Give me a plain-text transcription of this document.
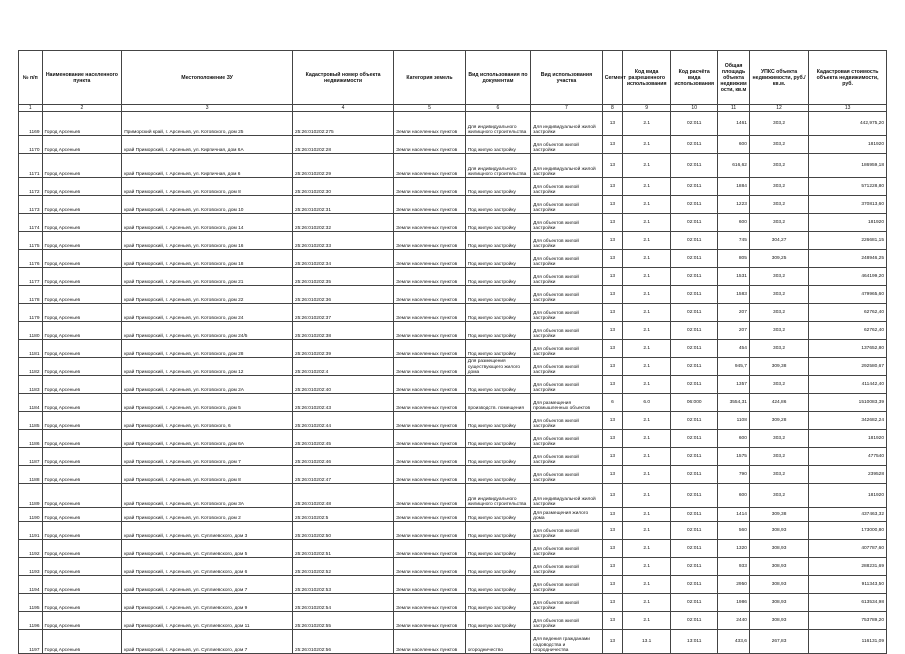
№ п/п	Наименование населенного пункта	Местоположение ЗУ	Кадастровый номер объекта недвижимости	Категория земель	Вид использования по документам	Вид использования участка	Сегмент	Код вида разрешенного использования	Код расчёта вида использования	Общая площадь объекта недвижим ости, кв.м	УПКС объекта недвижимости, руб./кв.м.	Кадастровая стоимость объекта недвижимости, руб.
1	2	3	4	5	6	7	8	9	10	11	12	13
1169	Город Арсеньев	Приморский край, г. Арсеньев, ул. Котовского, дом 25	25:26:010202:275	Земли населенных пунктов	Для индивидуального жилищного строительства	Для индивидуальной жилой застройки	13	2.1	02:011	1461	303,2	442,975,20
1170	Город Арсеньев	край Приморский, г. Арсеньев, ул. Кирпичная, дом 6А	25:26:010202:28	Земли населенных пунктов	Под жилую застройку	Для объектов жилой застройки	13	2.1	02:011	600	303,2	181920
1171	Город Арсеньев	край Приморский, г. Арсеньев, ул. Кирпичная, дом 6	25:26:010202:29	Земли населенных пунктов	Для индивидуального жилищного строительства	Для индивидуальной жилой застройки	13	2.1	02:011	616,62	303,2	186959,18
1172	Город Арсеньев	край Приморский, г. Арсеньев, ул. Котовского, дом 8	25:26:010202:30	Земли населенных пунктов	Под жилую застройку	Для объектов жилой застройки	13	2.1	02:011	1884	303,2	571228,80
1173	Город Арсеньев	край Приморский, г. Арсеньев, ул. Котовского, дом 10	25:26:010202:31	Земли населенных пунктов	Под жилую застройку	Для объектов жилой застройки	13	2.1	02:011	1223	303,2	370813,60
1174	Город Арсеньев	край Приморский, г. Арсеньев, ул. Котовского, дом 14	25:26:010202:32	Земли населенных пунктов	Под жилую застройку	Для объектов жилой застройки	13	2.1	02:011	600	303,2	181920
1175	Город Арсеньев	край Приморский, г. Арсеньев, ул. Котовского, дом 16	25:26:010202:33	Земли населенных пунктов	Под жилую застройку	Для объектов жилой застройки	13	2.1	02:011	745	304,27	226681,15
1176	Город Арсеньев	край Приморский, г. Арсеньев, ул. Котовского, дом 18	25:26:010202:34	Земли населенных пунктов	Под жилую застройку	Для объектов жилой застройки	13	2.1	02:011	805	309,25	248946,25
1177	Город Арсеньев	край Приморский, г. Арсеньев, ул. Котовского, дом 21	25:26:010202:35	Земли населенных пунктов	Под жилую застройку	Для объектов жилой застройки	13	2.1	02:011	1531	303,2	464199,20
1178	Город Арсеньев	край Приморский, г. Арсеньев, ул. Котовского, дом 22	25:26:010202:36	Земли населенных пунктов	Под жилую застройку	Для объектов жилой застройки	13	2.1	02:011	1583	303,2	479965,60
1179	Город Арсеньев	край Приморский, г. Арсеньев, ул. Котовского, дом 24	25:26:010202:37	Земли населенных пунктов	Под жилую застройку	Для объектов жилой застройки	13	2.1	02:011	207	303,2	62762,40
1180	Город Арсеньев	край Приморский, г. Арсеньев, ул. Котовского, дом 24/5	25:26:010202:38	Земли населенных пунктов	Под жилую застройку	Для объектов жилой застройки	13	2.1	02:011	207	303,2	62762,40
1181	Город Арсеньев	край Приморский, г. Арсеньев, ул. Котовского, дом 28	25:26:010202:39	Земли населенных пунктов	Под жилую застройку	Для объектов жилой застройки	13	2.1	02:011	454	303,2	137652,80
1182	Город Арсеньев	край Приморский, г. Арсеньев, ул. Котовского, дом 12	25:26:010202:4	Земли населенных пунктов	Для размещения существующего жилого дома	Для объектов жилой застройки	13	2.1	02:011	945,7	309,38	292580,67
1183	Город Арсеньев	край Приморский, г. Арсеньев, ул. Котовского, дом 2А	25:26:010202:40	Земли населенных пунктов	Под жилую застройку	Для объектов жилой застройки	13	2.1	02:011	1357	303,2	411442,40
1184	Город Арсеньев	край Приморский, г. Арсеньев, ул. Котовского, дом 5	25:26:010202:43	Земли населенных пунктов	производств. помещения	Для размещения промышленных объектов	6	6.0	06:000	3554,31	424,86	1510083,39
1185	Город Арсеньев	край Приморский, г. Арсеньев, ул. Котовского, 6	25:26:010202:44	Земли населенных пунктов	Под жилую застройку	Для объектов жилой застройки	13	2.1	02:011	1108	309,28	342682,24
1186	Город Арсеньев	край Приморский, г. Арсеньев, ул. Котовского, дом 6А	25:26:010202:45	Земли населенных пунктов	Под жилую застройку	Для объектов жилой застройки	13	2.1	02:011	600	303,2	181920
1187	Город Арсеньев	край Приморский, г. Арсеньев, ул. Котовского, дом 7	25:26:010202:46	Земли населенных пунктов	Под жилую застройку	Для объектов жилой застройки	13	2.1	02:011	1575	303,2	477540
1188	Город Арсеньев	край Приморский, г. Арсеньев, ул. Котовского, дом 8	25:26:010202:47	Земли населенных пунктов	Под жилую застройку	Для объектов жилой застройки	13	2.1	02:011	790	303,2	239528
1189	Город Арсеньев	край Приморский, г. Арсеньев, ул. Котовского, дом 3А	25:26:010202:48	Земли населенных пунктов	Для индивидуального жилищного строительства	Для индивидуальной жилой застройки	13	2.1	02:011	600	303,2	181920
1190	Город Арсеньев	край Приморский, г. Арсеньев, ул. Котовского, дом 2	25:26:010202:5	Земли населенных пунктов	Под жилую застройку	Для размещения жилого дома	13	2.1	02:011	1414	309,38	437463,32
1191	Город Арсеньев	край Приморский, г. Арсеньев, ул. Суплиевского, дом 3	25:26:010202:50	Земли населенных пунктов	Под жилую застройку	Для объектов жилой застройки	13	2.1	02:011	560	308,93	173000,80
1192	Город Арсеньев	край Приморский, г. Арсеньев, ул. Суплиевского, дом 5	25:26:010202:51	Земли населенных пунктов	Под жилую застройку	Для объектов жилой застройки	13	2.1	02:011	1320	308,93	407787,60
1193	Город Арсеньев	край Приморский, г. Арсеньев, ул. Суплиевского, дом 6	25:26:010202:52	Земли населенных пунктов	Под жилую застройку	Для объектов жилой застройки	13	2.1	02:011	933	308,93	288231,69
1194	Город Арсеньев	край Приморский, г. Арсеньев, ул. Суплиевского, дом 7	25:26:010202:53	Земли населенных пунктов	Под жилую застройку	Для объектов жилой застройки	13	2.1	02:011	2950	308,93	911343,50
1195	Город Арсеньев	край Приморский, г. Арсеньев, ул. Суплиевского, дом 9	25:26:010202:54	Земли населенных пунктов	Под жилую застройку	Для объектов жилой застройки	13	2.1	02:011	1986	308,93	613534,98
1196	Город Арсеньев	край Приморский, г. Арсеньев, ул. Суплиевского, дом 11	25:26:010202:55	Земли населенных пунктов	Под жилую застройку	Для объектов жилой застройки	13	2.1	02:011	2440	308,93	753789,20
1197	Город Арсеньев	край Приморский, г. Арсеньев, ул. Суплиевского, дом 7	25:26:010202:56	Земли населенных пунктов	огородничество	Для ведения гражданами садоводства и огородничества	13	13.1	13:011	433,6	267,83	116131,09
